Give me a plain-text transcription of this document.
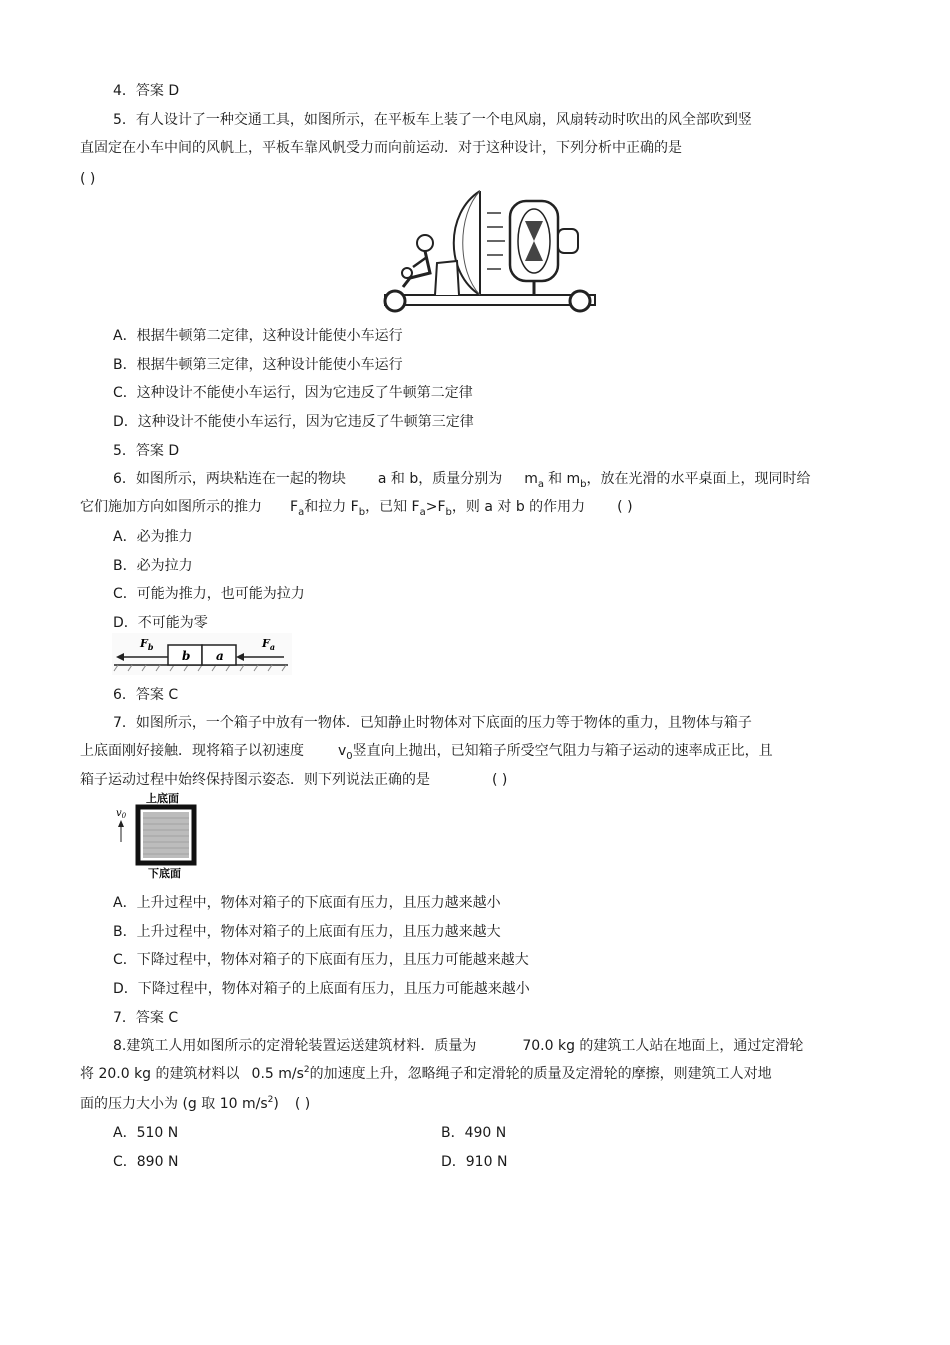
4．答案 D
5．有人设计了一种交通工具，如图所示，在平板车上装了一个电风扇，风扇转动时吹出的风全部吹到竖
直固定在小车中间的风帆上，平板车靠风帆受力而向前运动．对于这种设计，下列分析中正确的是
( )
A．根据牛顿第二定律，这种设计能使小车运行
B．根据牛顿第三定律，这种设计能使小车运行
C．这种设计不能使小车运行，因为它违反了牛顿第二定律
D．这种设计不能使小车运行，因为它违反了牛顿第三定律
5．答案 D
6．如图所示，两块粘连在一起的物块 a 和 b，质量分别为 $m_a$ 和 $m_b$，放在光滑的水平桌面上，现同时给
它们施加方向如图所示的推力 $F_a$和拉力 $F_b$，已知 $F_a>F_b$，则 a 对 b 的作用力 ( )
A．必为推力
B．必为拉力
C．可能为推力，也可能为拉力
D．不可能为零
b a
$F_b$	$F_a$
6．答案 C
7．如图所示，一个箱子中放有一物体．已知静止时物体对下底面的压力等于物体的重力，且物体与箱子
上底面刚好接触．现将箱子以初速度 $v_0$竖直向上抛出，已知箱子所受空气阻力与箱子运动的速率成正比，且
箱子运动过程中始终保持图示姿态．则下列说法正确的是	( )
上底面
下底面
$v_0$
A．上升过程中，物体对箱子的下底面有压力，且压力越来越小
B．上升过程中，物体对箱子的上底面有压力，且压力越来越大
C．下降过程中，物体对箱子的下底面有压力，且压力可能越来越大
D．下降过程中，物体对箱子的上底面有压力，且压力可能越来越小
7．答案 C
8.建筑工人用如图所示的定滑轮装置运送建筑材料．质量为	70.0 kg 的建筑工人站在地面上，通过定滑轮
将 20.0 kg 的建筑材料以 0.5 $m/s^2$的加速度上升，忽略绳子和定滑轮的质量及定滑轮的摩擦，则建筑工人对地
面的压力大小为 (g 取 10 $m/s^2$) ( )
A．510 N	B．490 N
C．890 N	D．910 N
